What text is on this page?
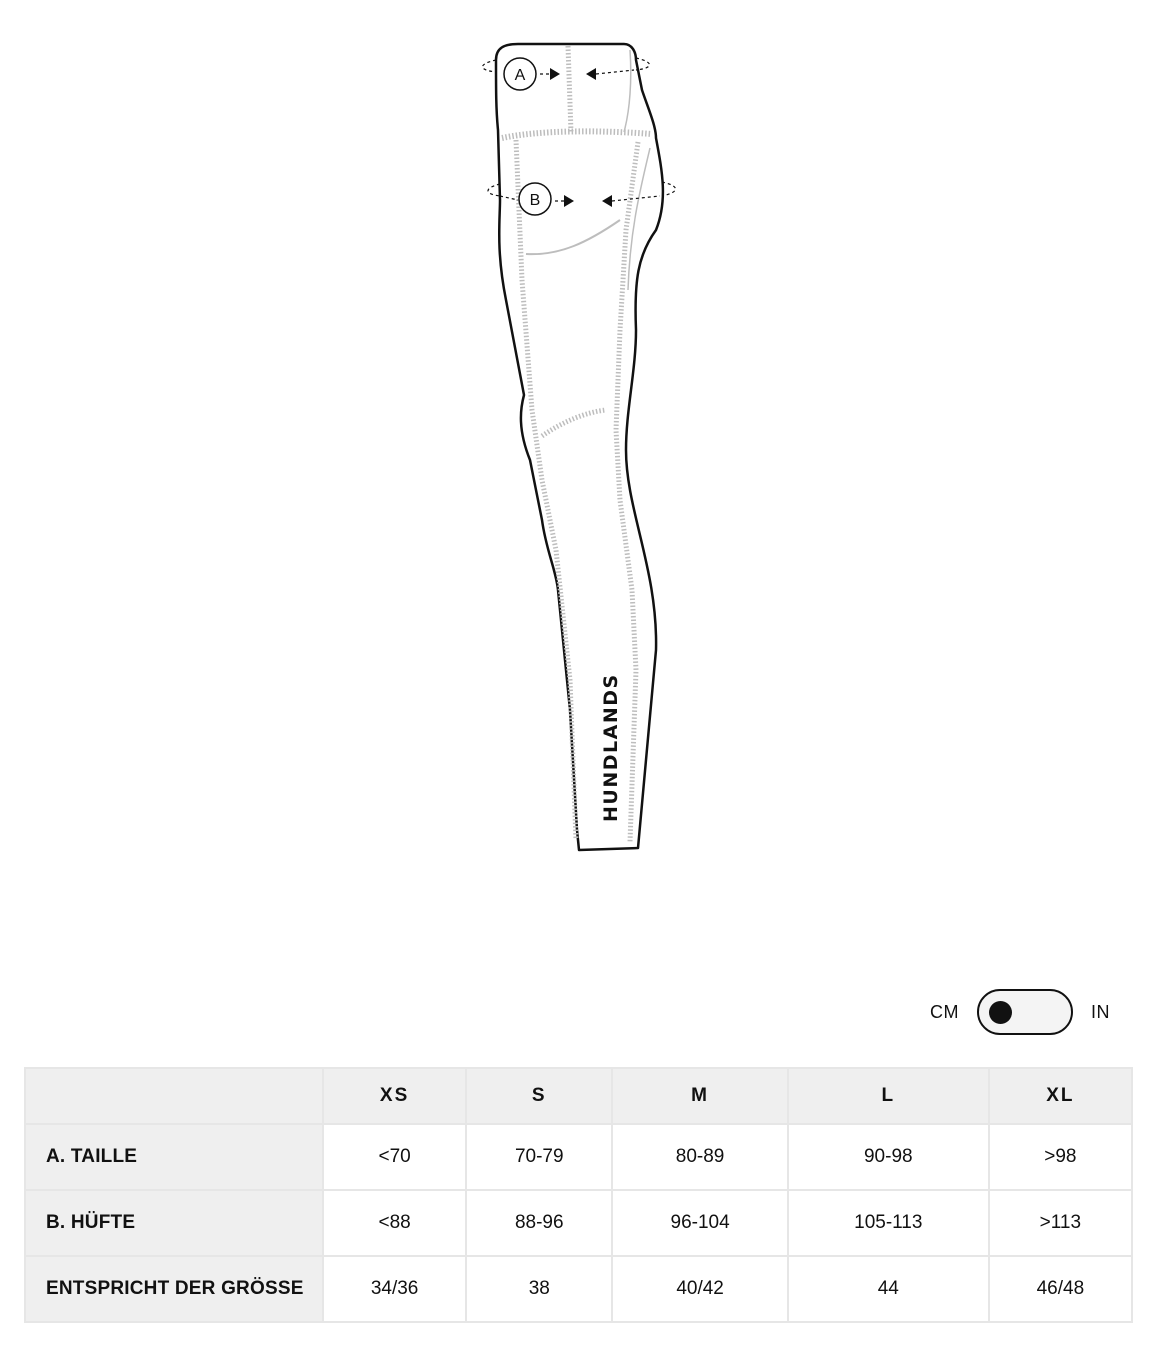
A
B
HUNDLANDS
CM	IN
	XS	S	M	L	XL
A. TAILLE	<70	70-79	80-89	90-98	>98
B. HÜFTE	<88	88-96	96-104	105-113	>113
ENTSPRICHT DER GRÖSSE	34/36	38	40/42	44	46/48
